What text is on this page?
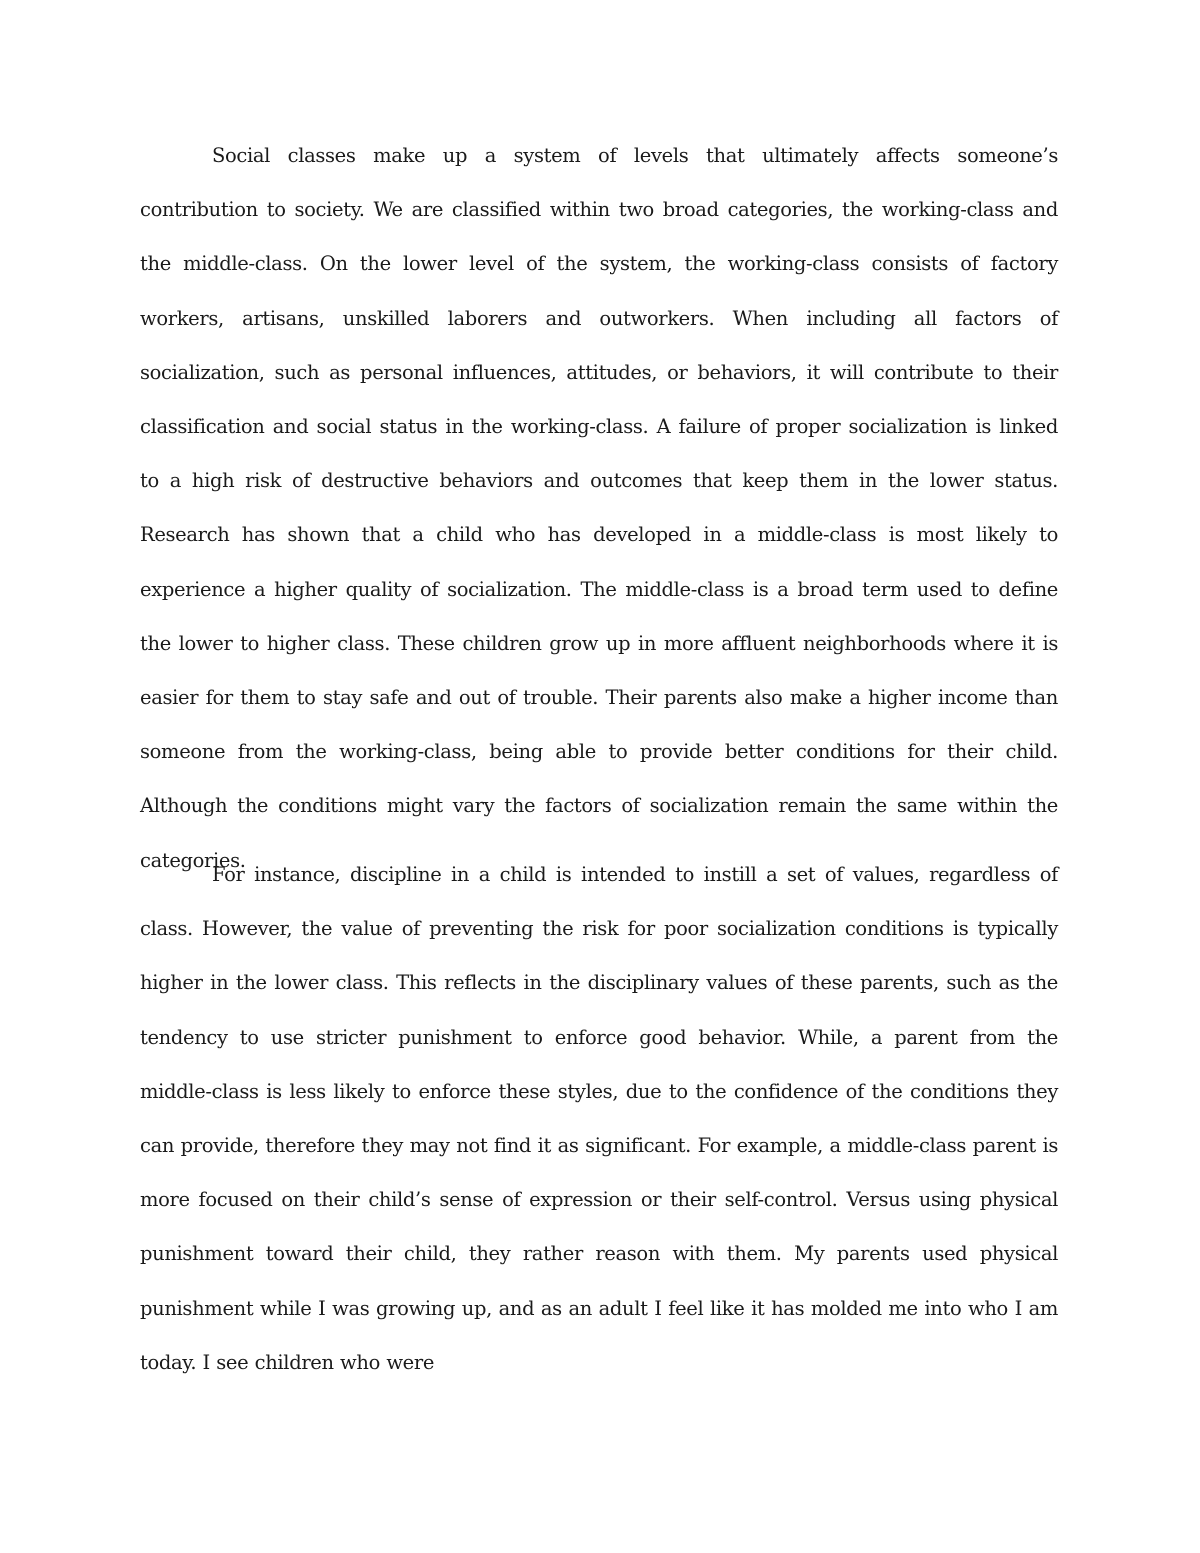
Social classes make up a system of levels that ultimately affects someone’s contribution to society. We are classified within two broad categories, the working-class and the middle-class. On the lower level of the system, the working-class consists of factory workers, artisans, unskilled laborers and outworkers. When including all factors of socialization, such as personal influences, attitudes, or behaviors, it will contribute to their classification and social status in the working-class. A failure of proper socialization is linked to a high risk of destructive behaviors and outcomes that keep them in the lower status. Research has shown that a child who has developed in a middle-class is most likely to experience a higher quality of socialization. The middle-class is a broad term used to define the lower to higher class. These children grow up in more affluent neighborhoods where it is easier for them to stay safe and out of trouble. Their parents also make a higher income than someone from the working-class, being able to provide better conditions for their child. Although the conditions might vary the factors of socialization remain the same within the categories.

For instance, discipline in a child is intended to instill a set of values, regardless of class. However, the value of preventing the risk for poor socialization conditions is typically higher in the lower class. This reflects in the disciplinary values of these parents, such as the tendency to use stricter punishment to enforce good behavior. While, a parent from the middle-class is less likely to enforce these styles, due to the confidence of the conditions they can provide, therefore they may not find it as significant. For example, a middle-class parent is more focused on their child’s sense of expression or their self-control. Versus using physical punishment toward their child, they rather reason with them. My parents used physical punishment while I was growing up, and as an adult I feel like it has molded me into who I am today. I see children who were
